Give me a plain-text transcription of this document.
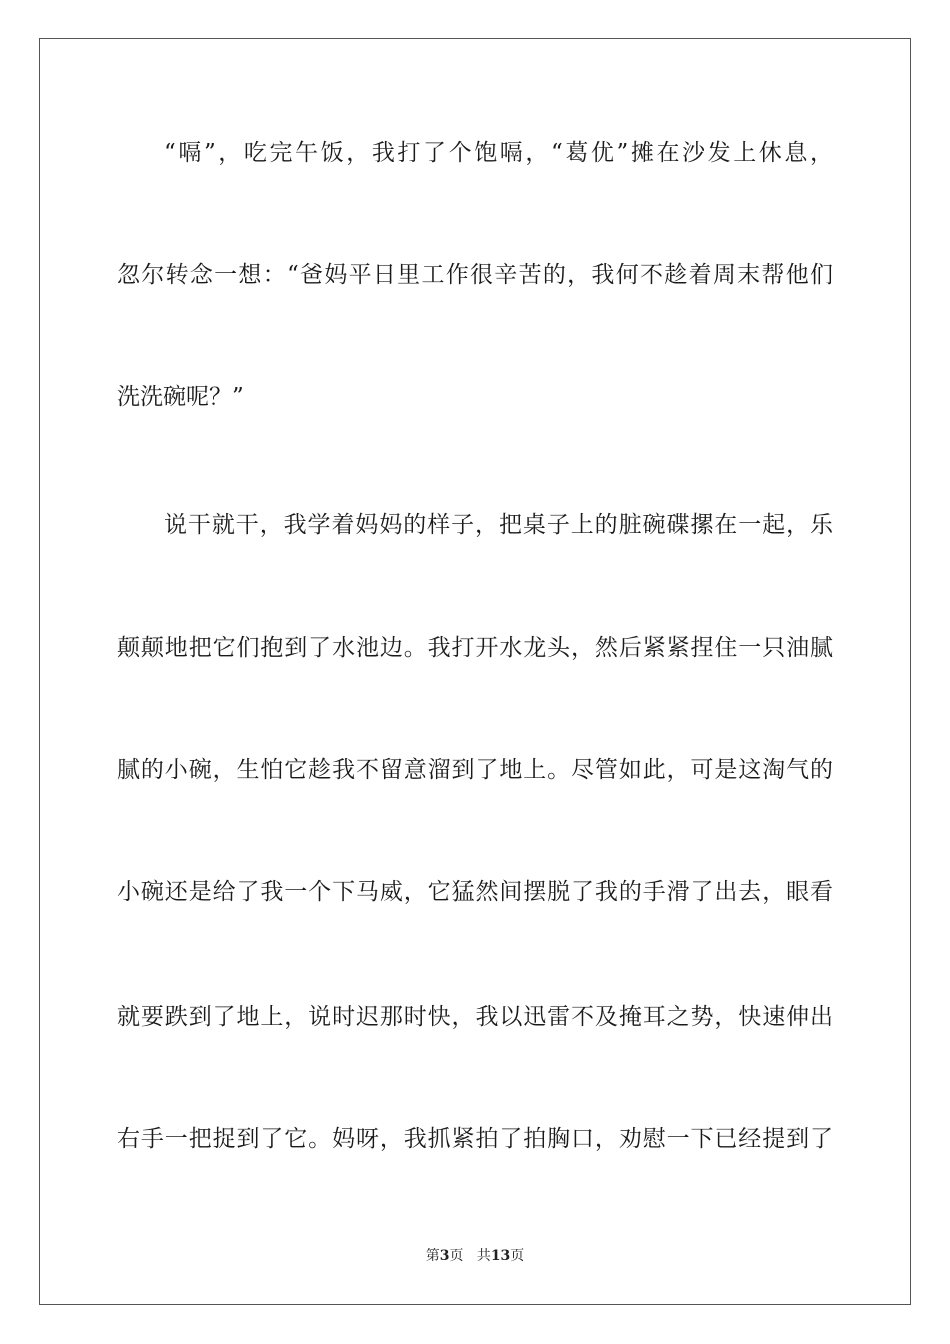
“嗝”，吃完午饭，我打了个饱嗝，“葛优”摊在沙发上休息，
忽尔转念一想：“爸妈平日里工作很辛苦的，我何不趁着周末帮他们
洗洗碗呢？”
说干就干，我学着妈妈的样子，把桌子上的脏碗碟摞在一起，乐
颠颠地把它们抱到了水池边。我打开水龙头，然后紧紧捏住一只油腻
腻的小碗，生怕它趁我不留意溜到了地上。尽管如此，可是这淘气的
小碗还是给了我一个下马威，它猛然间摆脱了我的手滑了出去，眼看
就要跌到了地上，说时迟那时快，我以迅雷不及掩耳之势，快速伸出
右手一把捉到了它。妈呀，我抓紧拍了拍胸口，劝慰一下已经提到了
第3页 共13页
